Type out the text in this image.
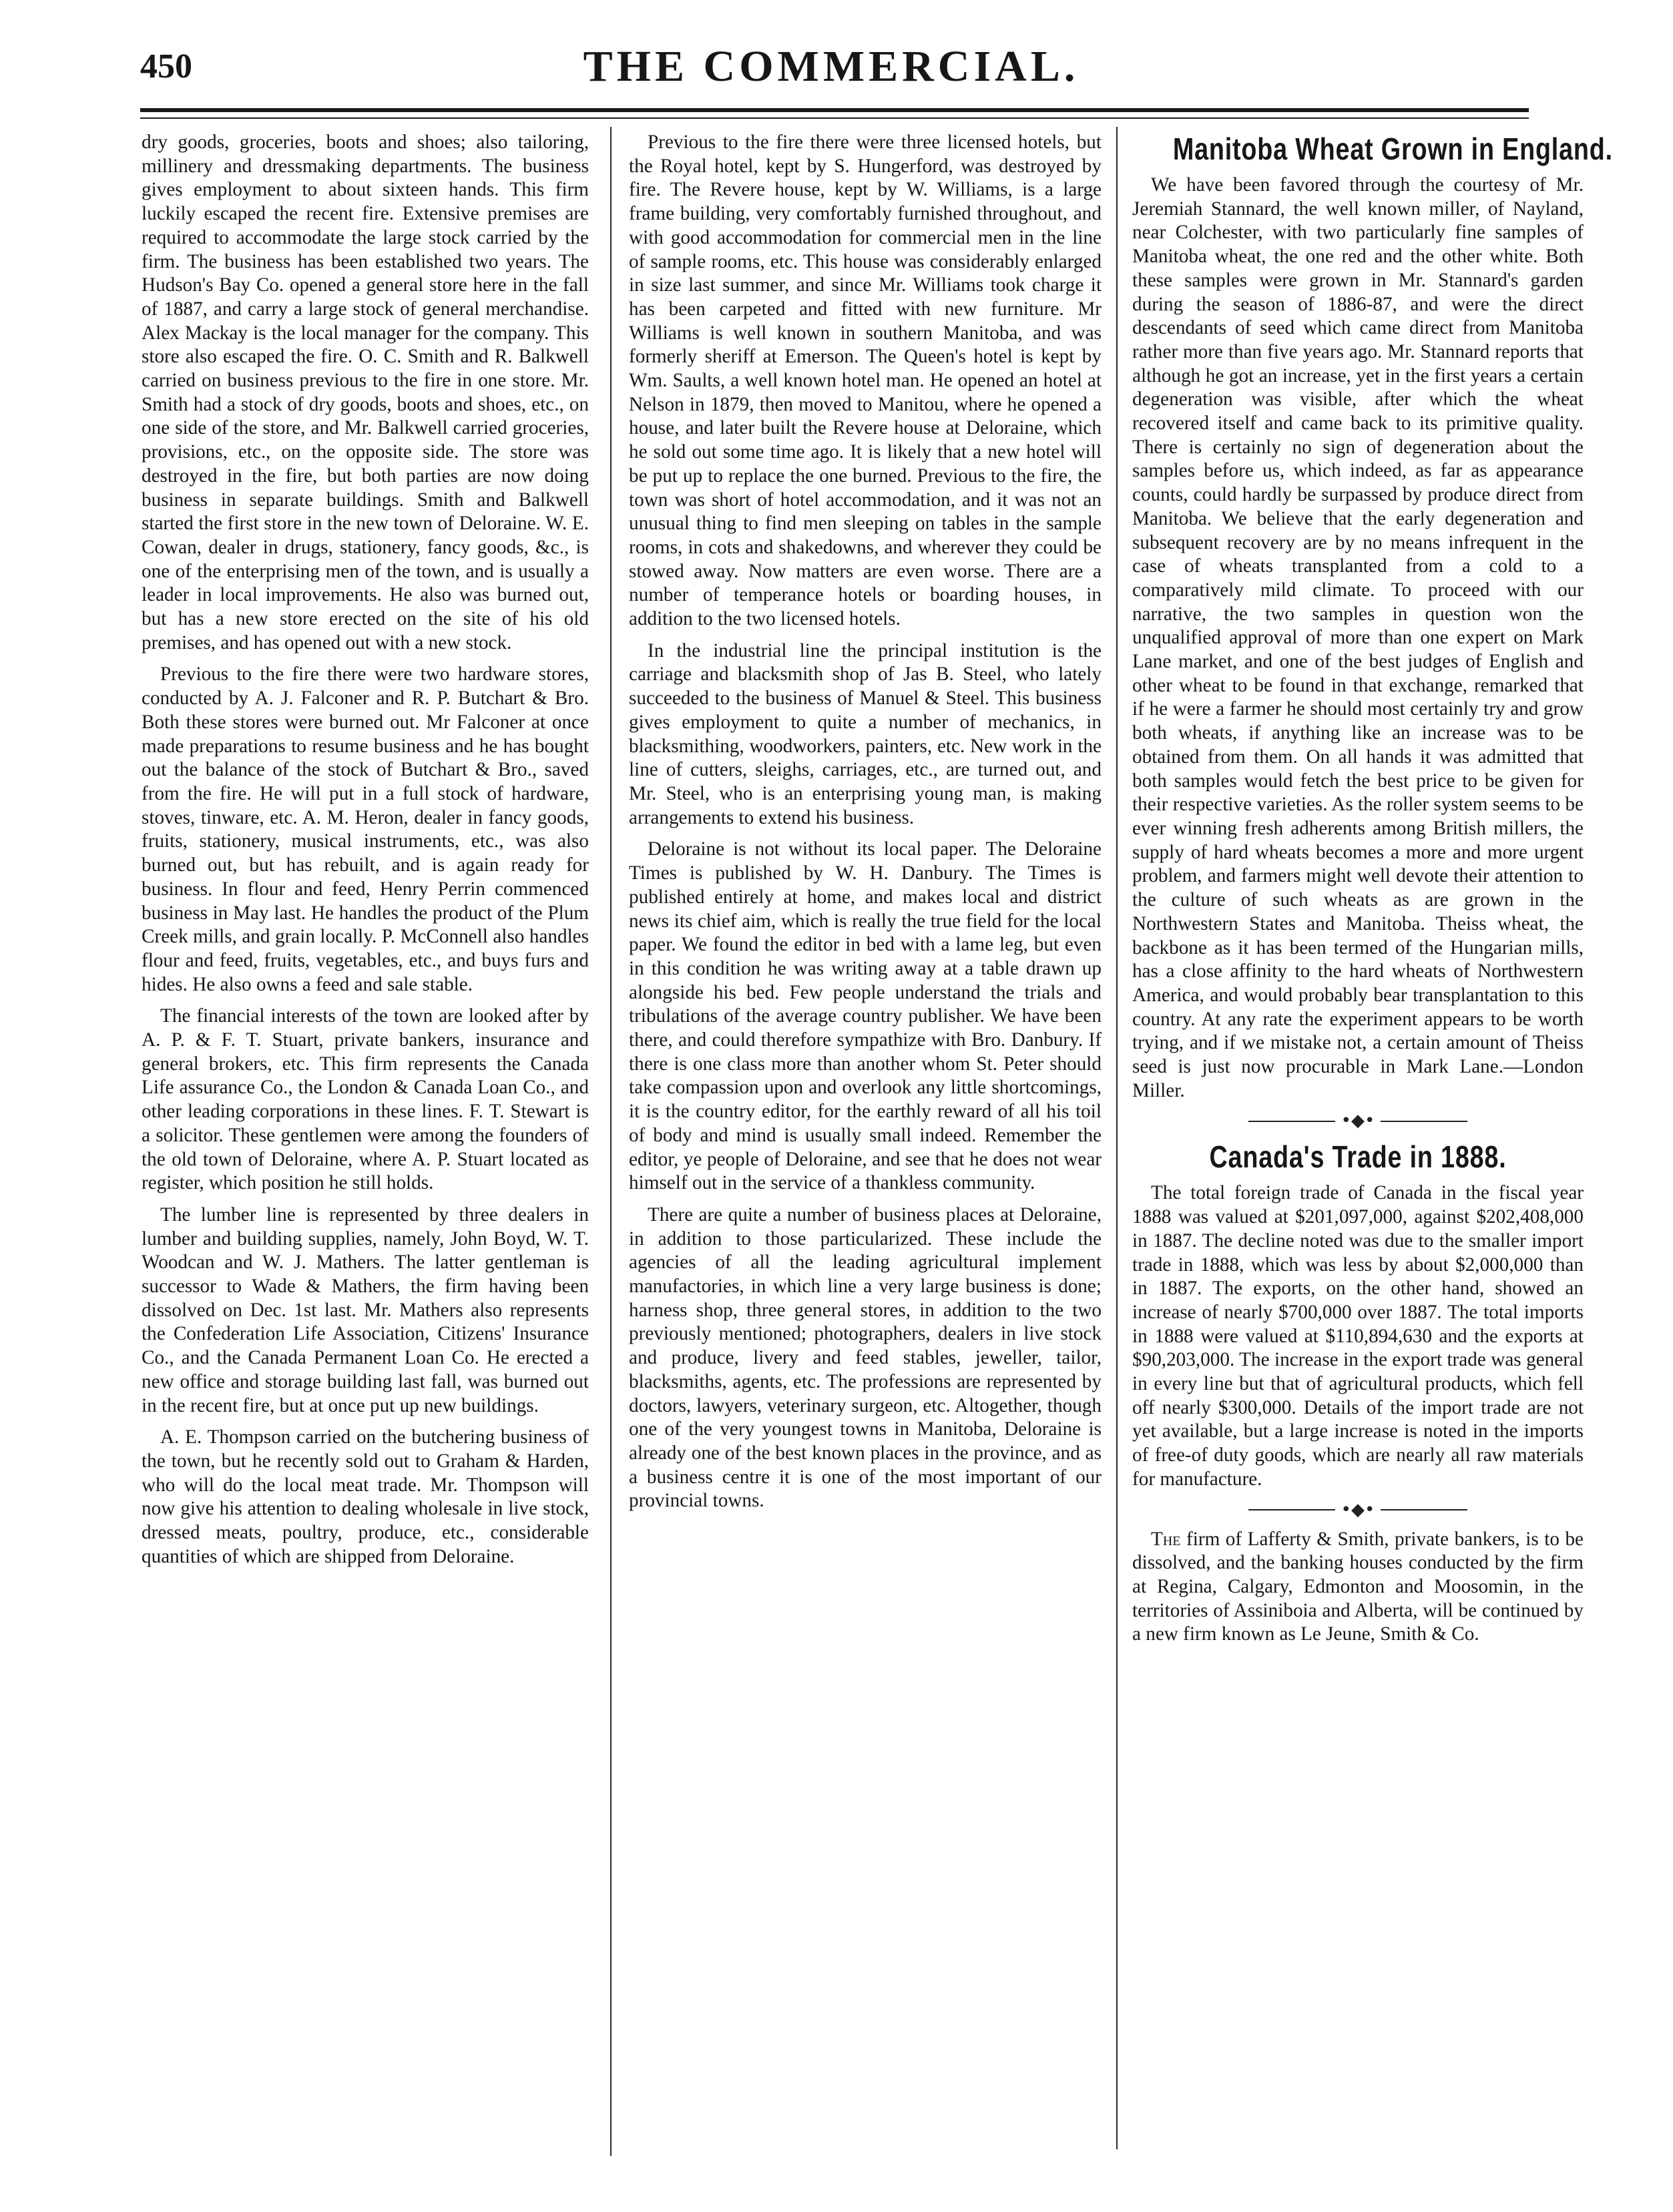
450	THE COMMERCIAL.

dry goods, groceries, boots and shoes; also tailoring, millinery and dressmaking departments. The business gives employment to about sixteen hands. This firm luckily escaped the recent fire. Extensive premises are required to accommodate the large stock carried by the firm. The business has been established two years. The Hudson's Bay Co. opened a general store here in the fall of 1887, and carry a large stock of general merchandise. Alex Mackay is the local manager for the company. This store also escaped the fire. O. C. Smith and R. Balkwell carried on business previous to the fire in one store. Mr. Smith had a stock of dry goods, boots and shoes, etc., on one side of the store, and Mr. Balkwell carried groceries, provisions, etc., on the opposite side. The store was destroyed in the fire, but both parties are now doing business in separate buildings. Smith and Balkwell started the first store in the new town of Deloraine. W. E. Cowan, dealer in drugs, stationery, fancy goods, &c., is one of the enterprising men of the town, and is usually a leader in local improvements. He also was burned out, but has a new store erected on the site of his old premises, and has opened out with a new stock.

Previous to the fire there were two hardware stores, conducted by A. J. Falconer and R. P. Butchart & Bro. Both these stores were burned out. Mr Falconer at once made preparations to resume business and he has bought out the balance of the stock of Butchart & Bro., saved from the fire. He will put in a full stock of hardware, stoves, tinware, etc. A. M. Heron, dealer in fancy goods, fruits, stationery, musical instruments, etc., was also burned out, but has rebuilt, and is again ready for business. In flour and feed, Henry Perrin commenced business in May last. He handles the product of the Plum Creek mills, and grain locally. P. McConnell also handles flour and feed, fruits, vegetables, etc., and buys furs and hides. He also owns a feed and sale stable.

The financial interests of the town are looked after by A. P. & F. T. Stuart, private bankers, insurance and general brokers, etc. This firm represents the Canada Life assurance Co., the London & Canada Loan Co., and other leading corporations in these lines. F. T. Stewart is a solicitor. These gentlemen were among the founders of the old town of Deloraine, where A. P. Stuart located as register, which position he still holds.

The lumber line is represented by three dealers in lumber and building supplies, namely, John Boyd, W. T. Woodcan and W. J. Mathers. The latter gentleman is successor to Wade & Mathers, the firm having been dissolved on Dec. 1st last. Mr. Mathers also represents the Confederation Life Association, Citizens' Insurance Co., and the Canada Permanent Loan Co. He erected a new office and storage building last fall, was burned out in the recent fire, but at once put up new buildings.

A. E. Thompson carried on the butchering business of the town, but he recently sold out to Graham & Harden, who will do the local meat trade. Mr. Thompson will now give his attention to dealing wholesale in live stock, dressed meats, poultry, produce, etc., considerable quantities of which are shipped from Deloraine.

Previous to the fire there were three licensed hotels, but the Royal hotel, kept by S. Hungerford, was destroyed by fire. The Revere house, kept by W. Williams, is a large frame building, very comfortably furnished throughout, and with good accommodation for commercial men in the line of sample rooms, etc. This house was considerably enlarged in size last summer, and since Mr. Williams took charge it has been carpeted and fitted with new furniture. Mr Williams is well known in southern Manitoba, and was formerly sheriff at Emerson. The Queen's hotel is kept by Wm. Saults, a well known hotel man. He opened an hotel at Nelson in 1879, then moved to Manitou, where he opened a house, and later built the Revere house at Deloraine, which he sold out some time ago. It is likely that a new hotel will be put up to replace the one burned. Previous to the fire, the town was short of hotel accommodation, and it was not an unusual thing to find men sleeping on tables in the sample rooms, in cots and shakedowns, and wherever they could be stowed away. Now matters are even worse. There are a number of temperance hotels or boarding houses, in addition to the two licensed hotels.

In the industrial line the principal institution is the carriage and blacksmith shop of Jas B. Steel, who lately succeeded to the business of Manuel & Steel. This business gives employment to quite a number of mechanics, in blacksmithing, woodworkers, painters, etc. New work in the line of cutters, sleighs, carriages, etc., are turned out, and Mr. Steel, who is an enterprising young man, is making arrangements to extend his business.

Deloraine is not without its local paper. The Deloraine Times is published by W. H. Danbury. The Times is published entirely at home, and makes local and district news its chief aim, which is really the true field for the local paper. We found the editor in bed with a lame leg, but even in this condition he was writing away at a table drawn up alongside his bed. Few people understand the trials and tribulations of the average country publisher. We have been there, and could therefore sympathize with Bro. Danbury. If there is one class more than another whom St. Peter should take compassion upon and overlook any little shortcomings, it is the country editor, for the earthly reward of all his toil of body and mind is usually small indeed. Remember the editor, ye people of Deloraine, and see that he does not wear himself out in the service of a thankless community.

There are quite a number of business places at Deloraine, in addition to those particularized. These include the agencies of all the leading agricultural implement manufactories, in which line a very large business is done; harness shop, three general stores, in addition to the two previously mentioned; photographers, dealers in live stock and produce, livery and feed stables, jeweller, tailor, blacksmiths, agents, etc. The professions are represented by doctors, lawyers, veterinary surgeon, etc. Altogether, though one of the very youngest towns in Manitoba, Deloraine is already one of the best known places in the province, and as a business centre it is one of the most important of our provincial towns.

Manitoba Wheat Grown in England.

We have been favored through the courtesy of Mr. Jeremiah Stannard, the well known miller, of Nayland, near Colchester, with two particularly fine samples of Manitoba wheat, the one red and the other white. Both these samples were grown in Mr. Stannard's garden during the season of 1886-87, and were the direct descendants of seed which came direct from Manitoba rather more than five years ago. Mr. Stannard reports that although he got an increase, yet in the first years a certain degeneration was visible, after which the wheat recovered itself and came back to its primitive quality. There is certainly no sign of degeneration about the samples before us, which indeed, as far as appearance counts, could hardly be surpassed by produce direct from Manitoba. We believe that the early degeneration and subsequent recovery are by no means infrequent in the case of wheats transplanted from a cold to a comparatively mild climate. To proceed with our narrative, the two samples in question won the unqualified approval of more than one expert on Mark Lane market, and one of the best judges of English and other wheat to be found in that exchange, remarked that if he were a farmer he should most certainly try and grow both wheats, if anything like an increase was to be obtained from them. On all hands it was admitted that both samples would fetch the best price to be given for their respective varieties. As the roller system seems to be ever winning fresh adherents among British millers, the supply of hard wheats becomes a more and more urgent problem, and farmers might well devote their attention to the culture of such wheats as are grown in the Northwestern States and Manitoba. Theiss wheat, the backbone as it has been termed of the Hungarian mills, has a close affinity to the hard wheats of Northwestern America, and would probably bear transplantation to this country. At any rate the experiment appears to be worth trying, and if we mistake not, a certain amount of Theiss seed is just now procurable in Mark Lane.—London Miller.

•◆•
Canada's Trade in 1888.

The total foreign trade of Canada in the fiscal year 1888 was valued at $201,097,000, against $202,408,000 in 1887. The decline noted was due to the smaller import trade in 1888, which was less by about $2,000,000 than in 1887. The exports, on the other hand, showed an increase of nearly $700,000 over 1887. The total imports in 1888 were valued at $110,894,630 and the exports at $90,203,000. The increase in the export trade was general in every line but that of agricultural products, which fell off nearly $300,000. Details of the import trade are not yet available, but a large increase is noted in the imports of free-of duty goods, which are nearly all raw materials for manufacture.

•◆•

The firm of Lafferty & Smith, private bankers, is to be dissolved, and the banking houses conducted by the firm at Regina, Calgary, Edmonton and Moosomin, in the territories of Assiniboia and Alberta, will be continued by a new firm known as Le Jeune, Smith & Co.
